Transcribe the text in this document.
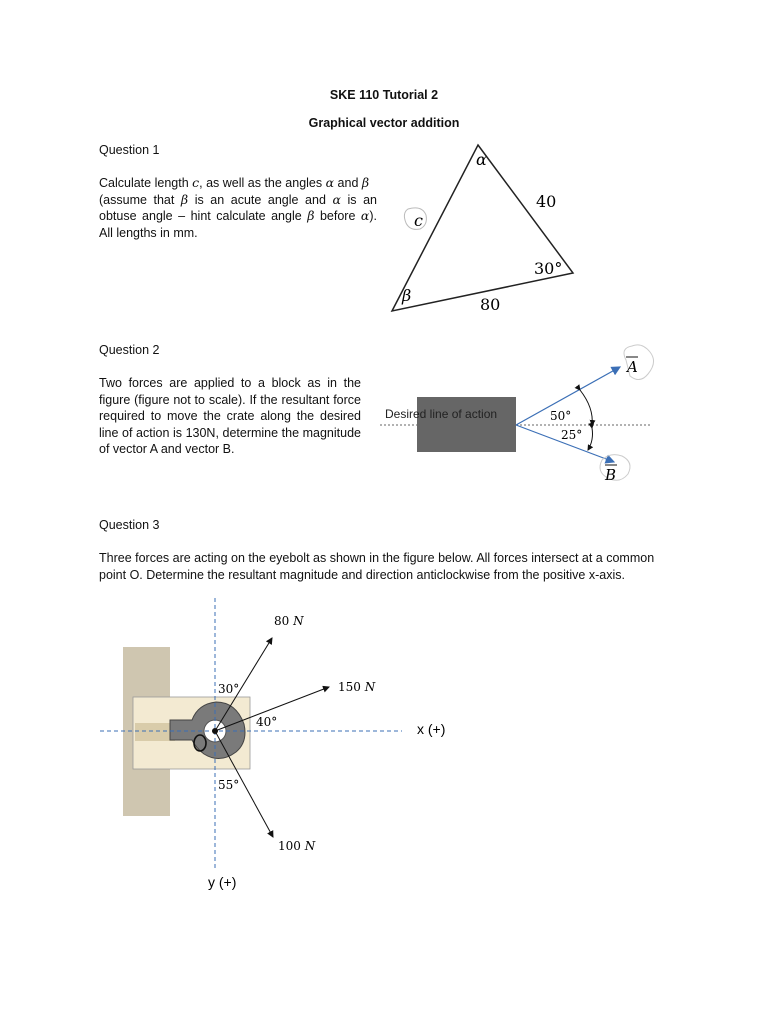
SKE 110 Tutorial 2
Graphical vector addition
Question 1
Calculate length c, as well as the angles α and β
(assume that β is an acute angle and α is an
obtuse angle – hint calculate angle β before α).
All lengths in mm.
α
c
40
30°
β	80
Question 2
Two forces are applied to a block as in the figure (figure not to scale). If the resultant force required to move the crate along the desired line of action is 130N, determine the magnitude of vector A and vector B.
Desired line of action	50°
25°
A
B
Question 3
Three forces are acting on the eyebolt as shown in the figure below. All forces intersect at a common point O. Determine the resultant magnitude and direction anticlockwise from the positive x-axis.
80 N
150 N
100 N
30°
40°
55°
x (+)
y (+)
